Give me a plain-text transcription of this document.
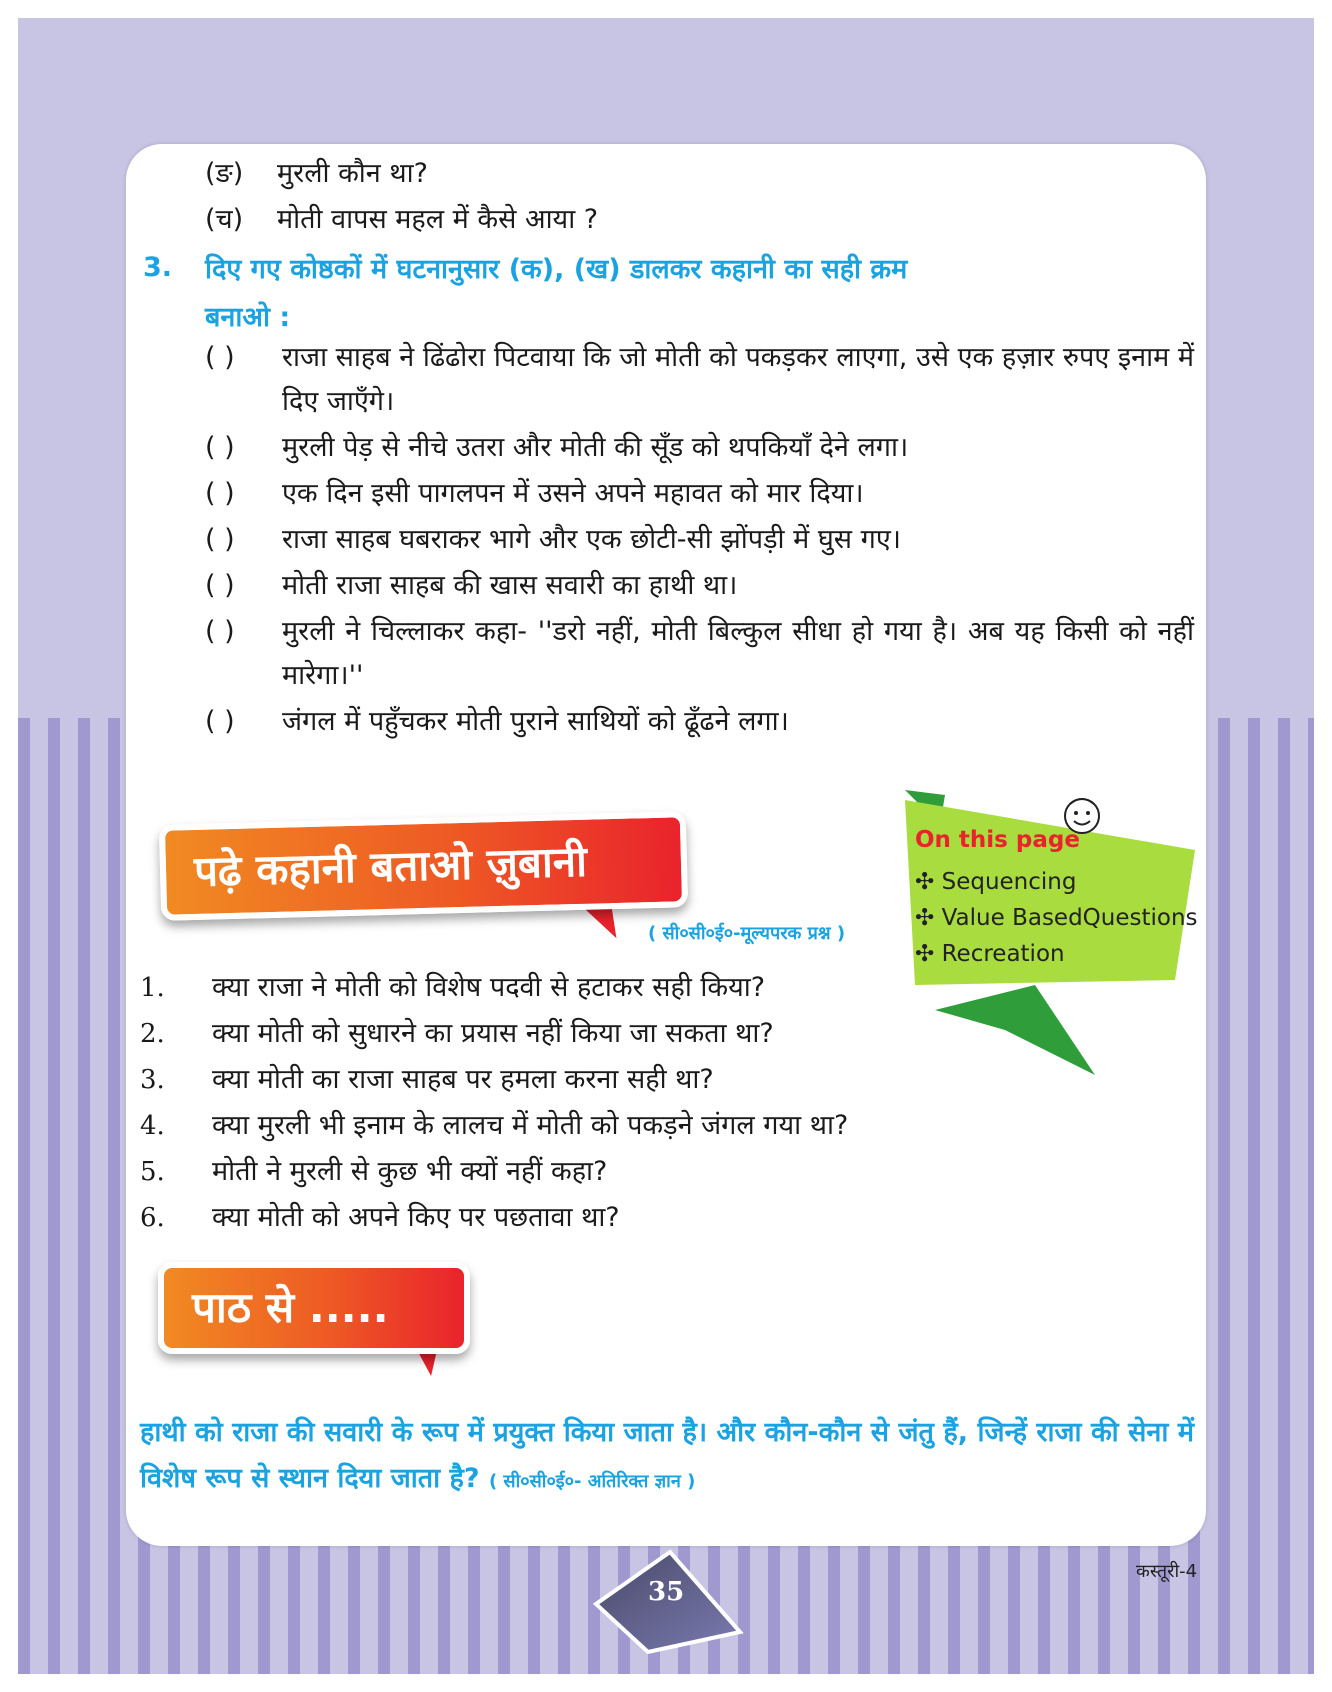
(ङ) मुरली कौन था?
(च) मोती वापस महल में कैसे आया ?
3. दिए गए कोष्ठकों में घटनानुसार (क), (ख) डालकर कहानी का सही क्रम
बनाओ :
( ) राजा साहब ने ढिंढोरा पिटवाया कि जो मोती को पकड़कर लाएगा, उसे एक हज़ार रुपए इनाम में दिए जाएँगे।
( ) मुरली पेड़ से नीचे उतरा और मोती की सूँड को थपकियाँ देने लगा।
( ) एक दिन इसी पागलपन में उसने अपने महावत को मार दिया।
( ) राजा साहब घबराकर भागे और एक छोटी-सी झोंपड़ी में घुस गए।
( ) मोती राजा साहब की खास सवारी का हाथी था।
( ) मुरली ने चिल्लाकर कहा- ''डरो नहीं, मोती बिल्कुल सीधा हो गया है। अब यह किसी को नहीं मारेगा।''
( ) जंगल में पहुँचकर मोती पुराने साथियों को ढूँढने लगा।
पढ़े कहानी बताओ ज़ुबानी
( सी०सी०ई०-मूल्यपरक प्रश्न )
On this page
✣ Sequencing
✣ Value BasedQuestions
✣ Recreation
1. क्या राजा ने मोती को विशेष पदवी से हटाकर सही किया?
2. क्या मोती को सुधारने का प्रयास नहीं किया जा सकता था?
3. क्या मोती का राजा साहब पर हमला करना सही था?
4. क्या मुरली भी इनाम के लालच में मोती को पकड़ने जंगल गया था?
5. मोती ने मुरली से कुछ भी क्यों नहीं कहा?
6. क्या मोती को अपने किए पर पछतावा था?
पाठ से .....
हाथी को राजा की सवारी के रूप में प्रयुक्त किया जाता है। और कौन-कौन से जंतु हैं, जिन्हें राजा की सेना में विशेष रूप से स्थान दिया जाता है? ( सी०सी०ई०- अतिरिक्त ज्ञान )
35
कस्तूरी-4
